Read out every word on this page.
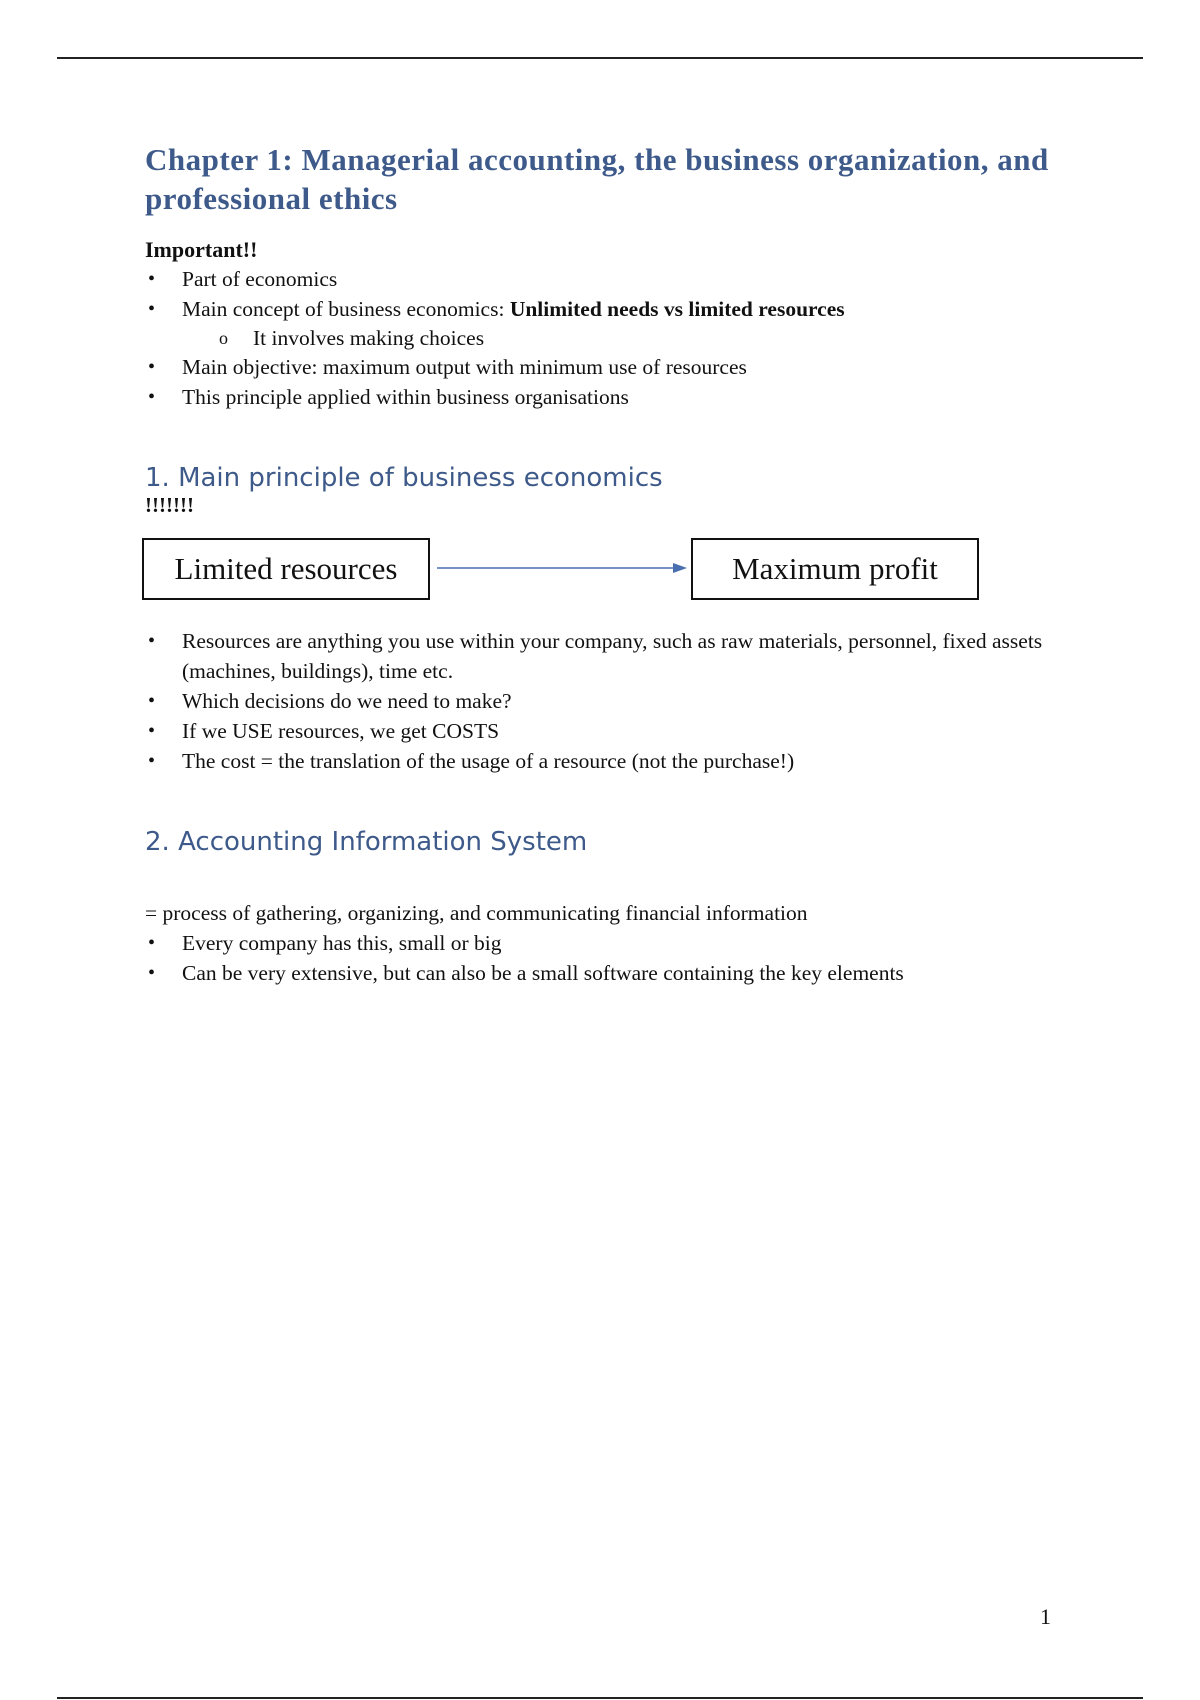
Chapter 1: Managerial accounting, the business organization, and professional ethics
Important!!
• Part of economics
• Main concept of business economics: Unlimited needs vs limited resources
o It involves making choices
• Main objective: maximum output with minimum use of resources
• This principle applied within business organisations
1. Main principle of business economics
!!!!!!!
Limited resources	Maximum profit
• Resources are anything you use within your company, such as raw materials, personnel, fixed assets (machines, buildings), time etc.
• Which decisions do we need to make?
• If we USE resources, we get COSTS
• The cost = the translation of the usage of a resource (not the purchase!)
2. Accounting Information System
= process of gathering, organizing, and communicating financial information
• Every company has this, small or big
• Can be very extensive, but can also be a small software containing the key elements
1
